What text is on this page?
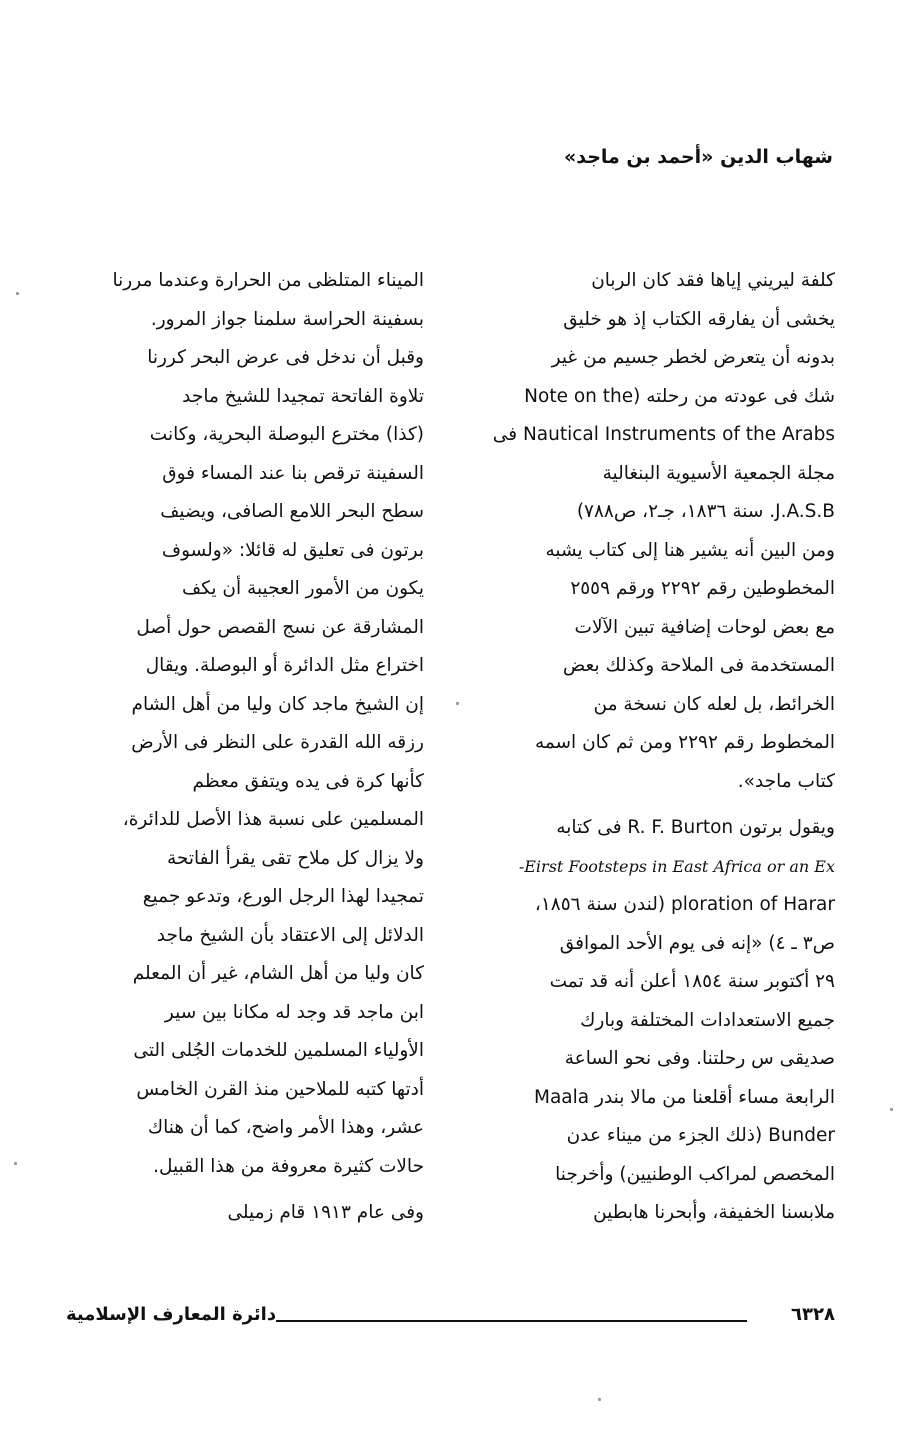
شهاب الدين «أحمد بن ماجد»
كلفة ليريني إياها فقد كان الربان
يخشى أن يفارقه الكتاب إذ هو خليق
بدونه أن يتعرض لخطر جسيم من غير
شك فى عودته من رحلته (Note on the
Nautical Instruments of the Arabs فى
مجلة الجمعية الأسيوية البنغالية
J.A.S.B. سنة ١٨٣٦، جـ٢، ص٧٨٨)
ومن البين أنه يشير هنا إلى كتاب يشبه
المخطوطين رقم ٢٢٩٢ ورقم ٢٥٥٩
مع بعض لوحات إضافية تبين الآلات
المستخدمة فى الملاحة وكذلك بعض
الخرائط، بل لعله كان نسخة من
المخطوط رقم ٢٢٩٢ ومن ثم كان اسمه
كتاب ماجد».
ويقول برتون R. F. Burton فى كتابه
Eirst Footsteps in East Africa or an Ex-
ploration of Harar (لندن سنة ١٨٥٦،
ص٣ ـ ٤) «إنه فى يوم الأحد الموافق
٢٩ أكتوبر سنة ١٨٥٤ أعلن أنه قد تمت
جميع الاستعدادات المختلفة وبارك
صديقى س رحلتنا. وفى نحو الساعة
الرابعة مساء أقلعنا من مالا بندر Maala
Bunder (ذلك الجزء من ميناء عدن
المخصص لمراكب الوطنيين) وأخرجنا
ملابسنا الخفيفة، وأبحرنا هابطين
الميناء المتلظى من الحرارة وعندما مررنا
بسفينة الحراسة سلمنا جواز المرور.
وقبل أن ندخل فى عرض البحر كررنا
تلاوة الفاتحة تمجيدا للشيخ ماجد
(كذا) مخترع البوصلة البحرية، وكانت
السفينة ترقص بنا عند المساء فوق
سطح البحر اللامع الصافى، ويضيف
برتون فى تعليق له قائلا: «ولسوف
يكون من الأمور العجيبة أن يكف
المشارقة عن نسج القصص حول أصل
اختراع مثل الدائرة أو البوصلة. ويقال
إن الشيخ ماجد كان وليا من أهل الشام
رزقه الله القدرة على النظر فى الأرض
كأنها كرة فى يده ويتفق معظم
المسلمين على نسبة هذا الأصل للدائرة،
ولا يزال كل ملاح تقى يقرأ الفاتحة
تمجيدا لهذا الرجل الورع، وتدعو جميع
الدلائل إلى الاعتقاد بأن الشيخ ماجد
كان وليا من أهل الشام، غير أن المعلم
ابن ماجد قد وجد له مكانا بين سير
الأولياء المسلمين للخدمات الجُلى التى
أدتها كتبه للملاحين منذ القرن الخامس
عشر، وهذا الأمر واضح، كما أن هناك
حالات كثيرة معروفة من هذا القبيل.
وفى عام ١٩١٣ قام زميلى
٦٣٢٨
دائرة المعارف الإسلامية
